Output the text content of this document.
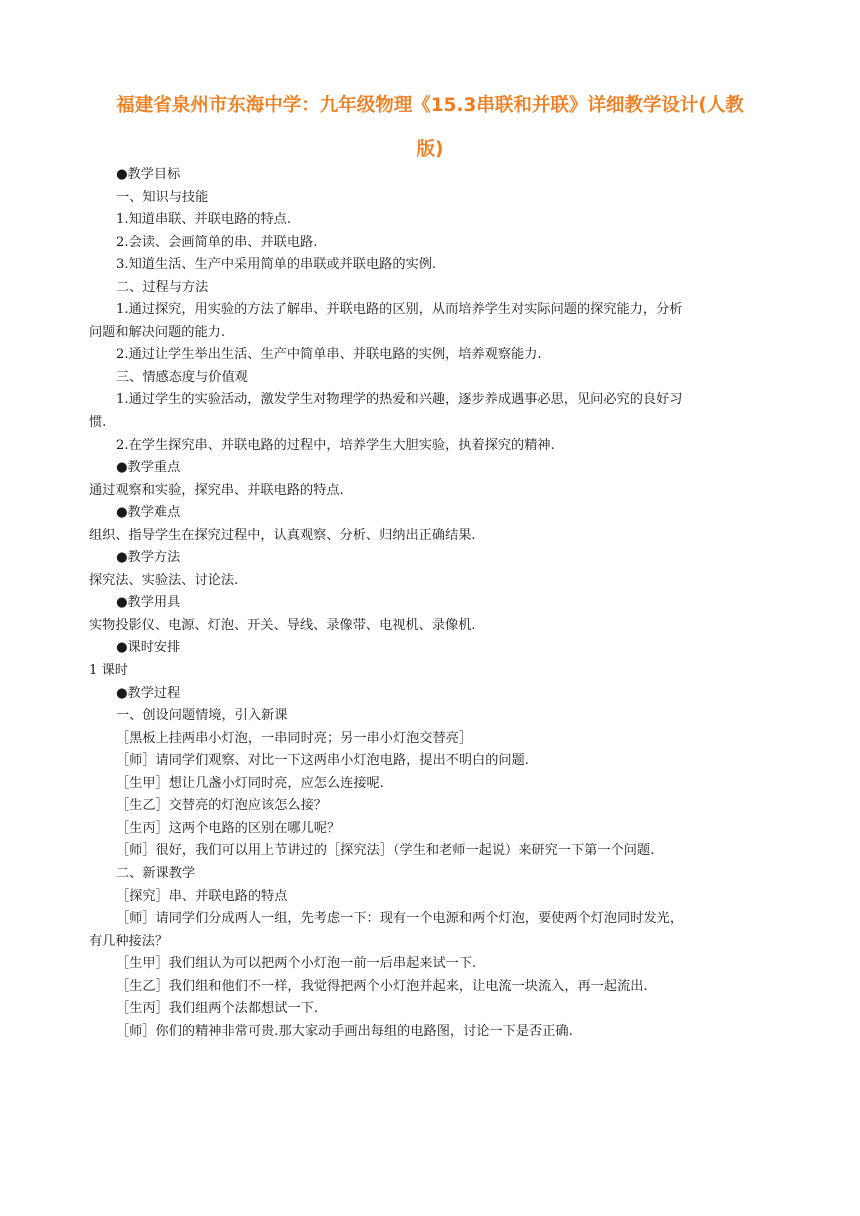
福建省泉州市东海中学：九年级物理《15.3串联和并联》详细教学设计(人教
版)
●教学目标
一、知识与技能
1.知道串联、并联电路的特点.
2.会读、会画简单的串、并联电路.
3.知道生活、生产中采用简单的串联或并联电路的实例.
二、过程与方法
1.通过探究，用实验的方法了解串、并联电路的区别，从而培养学生对实际问题的探究能力，分析
问题和解决问题的能力.
2.通过让学生举出生活、生产中简单串、并联电路的实例，培养观察能力.
三、情感态度与价值观
1.通过学生的实验活动，激发学生对物理学的热爱和兴趣，逐步养成遇事必思，见问必究的良好习
惯.
2.在学生探究串、并联电路的过程中，培养学生大胆实验，执着探究的精神.
●教学重点
通过观察和实验，探究串、并联电路的特点.
●教学难点
组织、指导学生在探究过程中，认真观察、分析、归纳出正确结果.
●教学方法
探究法、实验法、讨论法.
●教学用具
实物投影仪、电源、灯泡、开关、导线、录像带、电视机、录像机.
●课时安排
1 课时
●教学过程
一、创设问题情境，引入新课
［黑板上挂两串小灯泡，一串同时亮；另一串小灯泡交替亮］
［师］请同学们观察、对比一下这两串小灯泡电路，提出不明白的问题.
［生甲］想让几盏小灯同时亮，应怎么连接呢.
［生乙］交替亮的灯泡应该怎么接？
［生丙］这两个电路的区别在哪儿呢？
［师］很好，我们可以用上节讲过的［探究法］（学生和老师一起说）来研究一下第一个问题.
二、新课教学
［探究］串、并联电路的特点
［师］请同学们分成两人一组，先考虑一下：现有一个电源和两个灯泡，要使两个灯泡同时发光，
有几种接法？
［生甲］我们组认为可以把两个小灯泡一前一后串起来试一下.
［生乙］我们组和他们不一样，我觉得把两个小灯泡并起来，让电流一块流入，再一起流出.
［生丙］我们组两个法都想试一下.
［师］你们的精神非常可贵.那大家动手画出每组的电路图，讨论一下是否正确.
